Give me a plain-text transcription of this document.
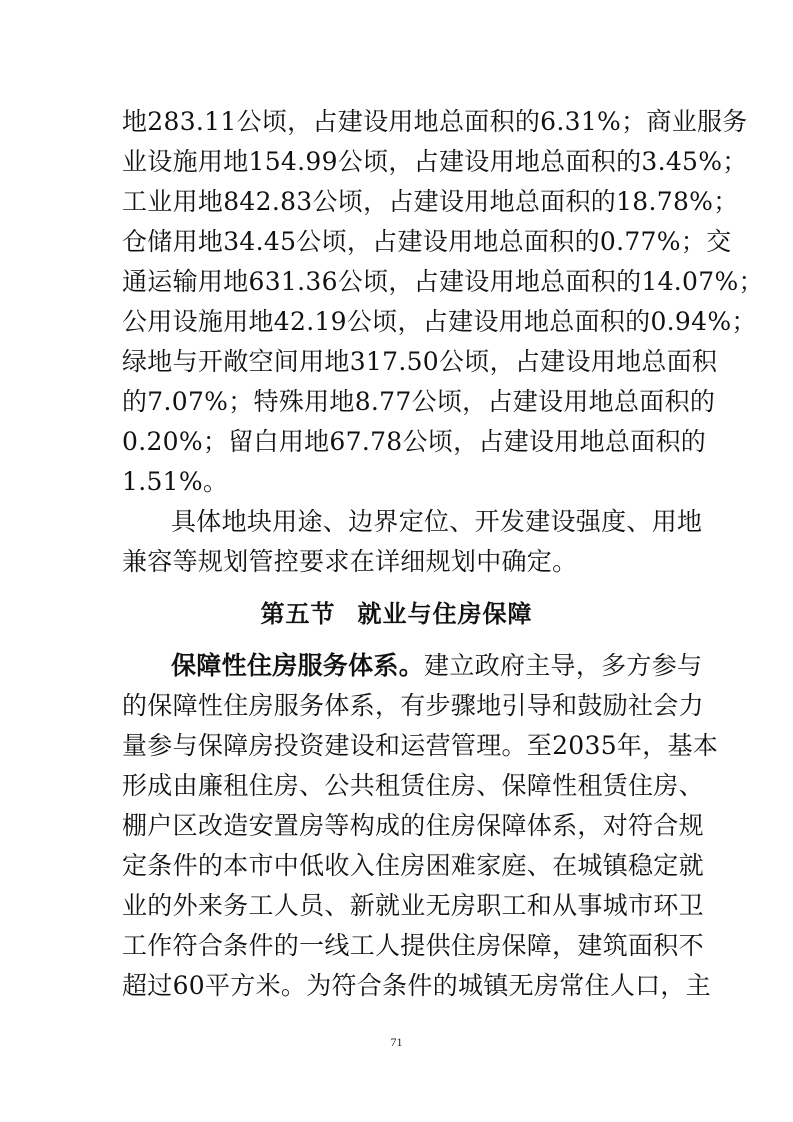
地283.11公顷，占建设用地总面积的6.31%；商业服务
业设施用地154.99公顷，占建设用地总面积的3.45%；
工业用地842.83公顷，占建设用地总面积的18.78%；
仓储用地34.45公顷，占建设用地总面积的0.77%；交
通运输用地631.36公顷，占建设用地总面积的14.07%；
公用设施用地42.19公顷，占建设用地总面积的0.94%；
绿地与开敞空间用地317.50公顷，占建设用地总面积
的7.07%；特殊用地8.77公顷，占建设用地总面积的
0.20%；留白用地67.78公顷，占建设用地总面积的
1.51%。
具体地块用途、边界定位、开发建设强度、用地
兼容等规划管控要求在详细规划中确定。
第五节 就业与住房保障
保障性住房服务体系。建立政府主导，多方参与
的保障性住房服务体系，有步骤地引导和鼓励社会力
量参与保障房投资建设和运营管理。至2035年，基本
形成由廉租住房、公共租赁住房、保障性租赁住房、
棚户区改造安置房等构成的住房保障体系，对符合规
定条件的本市中低收入住房困难家庭、在城镇稳定就
业的外来务工人员、新就业无房职工和从事城市环卫
工作符合条件的一线工人提供住房保障，建筑面积不
超过60平方米。为符合条件的城镇无房常住人口，主
71
